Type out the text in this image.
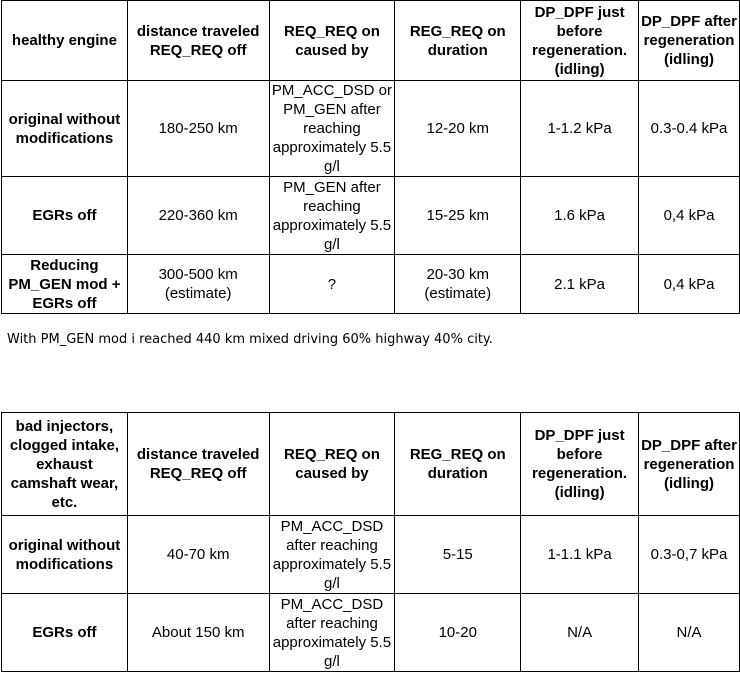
healthy engine	distance traveled REQ_REQ off	REQ_REQ on caused by	REG_REQ on duration	DP_DPF just before regeneration. (idling)	DP_DPF after regeneration (idling)
original without modifications	180-250 km	PM_ACC_DSD or PM_GEN after reaching approximately 5.5 g/l	12-20 km	1-1.2 kPa	0.3-0.4 kPa
EGRs off	220-360 km	PM_GEN after reaching approximately 5.5 g/l	15-25 km	1.6 kPa	0,4 kPa
Reducing PM_GEN mod + EGRs off	300-500 km (estimate)	?	20-30 km (estimate)	2.1 kPa	0,4 kPa

With PM_GEN mod i reached 440 km mixed driving 60% highway 40% city.

bad injectors, clogged intake, exhaust camshaft wear, etc.	distance traveled REQ_REQ off	REQ_REQ on caused by	REG_REQ on duration	DP_DPF just before regeneration. (idling)	DP_DPF after regeneration (idling)
original without modifications	40-70 km	PM_ACC_DSD after reaching approximately 5.5 g/l	5-15	1-1.1 kPa	0.3-0,7 kPa
EGRs off	About 150 km	PM_ACC_DSD after reaching approximately 5.5 g/l	10-20	N/A	N/A
